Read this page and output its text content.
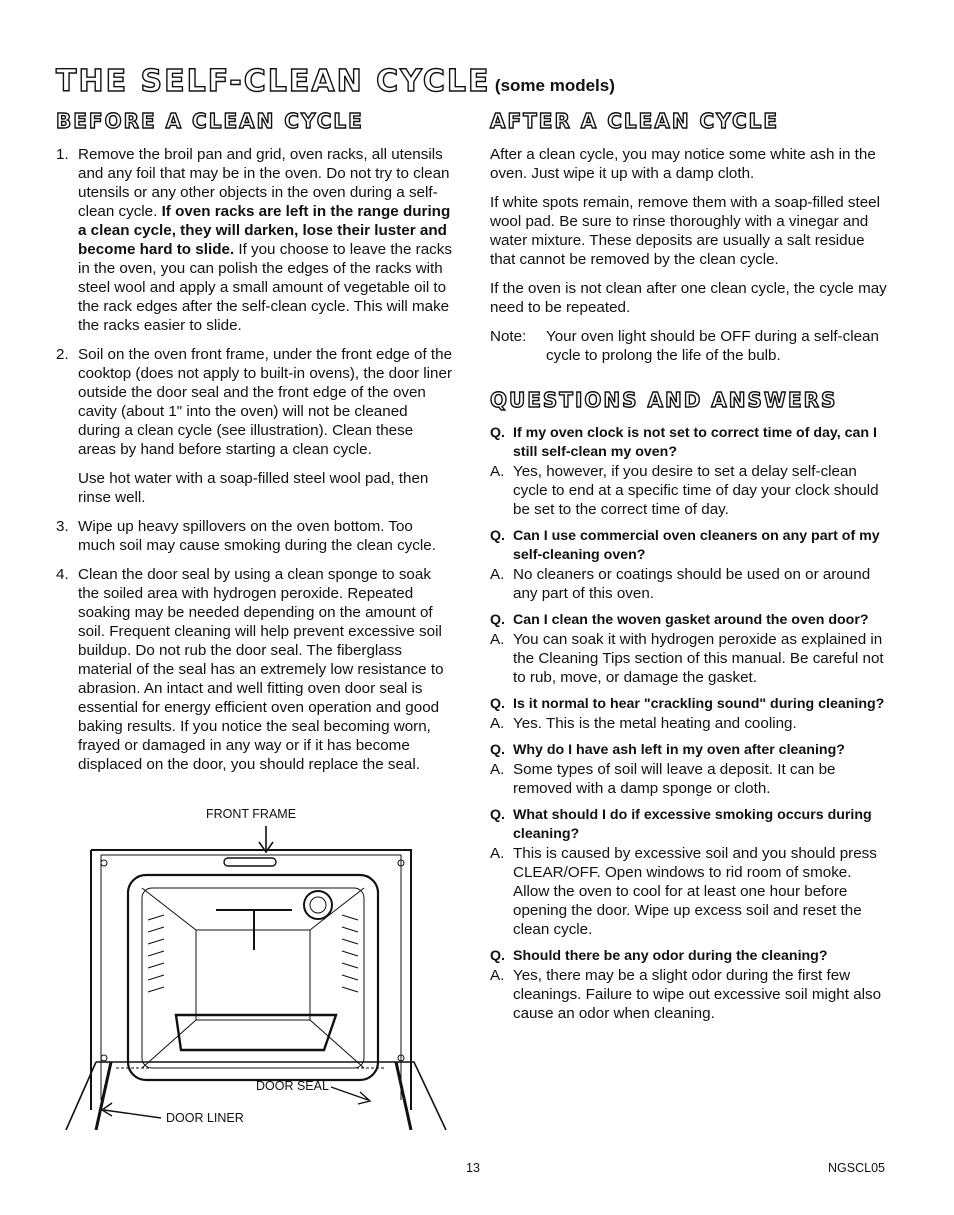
THE SELF-CLEAN CYCLE (some models)
BEFORE A CLEAN CYCLE
1. Remove the broil pan and grid, oven racks, all utensils and any foil that may be in the oven. Do not try to clean utensils or any other objects in the oven during a self-clean cycle. If oven racks are left in the range during a clean cycle, they will darken, lose their luster and become hard to slide. If you choose to leave the racks in the oven, you can polish the edges of the racks with steel wool and apply a small amount of vegetable oil to the rack edges after the self-clean cycle. This will make the racks easier to slide.
2. Soil on the oven front frame, under the front edge of the cooktop (does not apply to built-in ovens), the door liner outside the door seal and the front edge of the oven cavity (about 1" into the oven) will not be cleaned during a clean cycle (see illustration). Clean these areas by hand before starting a clean cycle.

Use hot water with a soap-filled steel wool pad, then rinse well.

3. Wipe up heavy spillovers on the oven bottom. Too much soil may cause smoking during the clean cycle.
4. Clean the door seal by using a clean sponge to soak the soiled area with hydrogen peroxide. Repeated soaking may be needed depending on the amount of soil. Frequent cleaning will help prevent excessive soil buildup. Do not rub the door seal. The fiberglass material of the seal has an extremely low resistance to abrasion. An intact and well fitting oven door seal is essential for energy efficient oven operation and good baking results. If you notice the seal becoming worn, frayed or damaged in any way or if it has become displaced on the door, you should replace the seal.
FRONT FRAME
DOOR SEAL
DOOR LINER
AFTER A CLEAN CYCLE

After a clean cycle, you may notice some white ash in the oven. Just wipe it up with a damp cloth.

If white spots remain, remove them with a soap-filled steel wool pad. Be sure to rinse thoroughly with a vinegar and water mixture. These deposits are usually a salt residue that cannot be removed by the clean cycle.

If the oven is not clean after one clean cycle, the cycle may need to be repeated.

Note:	Your oven light should be OFF during a self-clean cycle to prolong the life of the bulb.
QUESTIONS AND ANSWERS
Q. If my oven clock is not set to correct time of day, can I still self-clean my oven?
A. Yes, however, if you desire to set a delay self-clean cycle to end at a specific time of day your clock should be set to the correct time of day.
Q. Can I use commercial oven cleaners on any part of my self-cleaning oven?
A. No cleaners or coatings should be used on or around any part of this oven.
Q. Can I clean the woven gasket around the oven door?
A. You can soak it with hydrogen peroxide as explained in the Cleaning Tips section of this manual. Be careful not to rub, move, or damage the gasket.
Q. Is it normal to hear "crackling sound" during cleaning?
A. Yes. This is the metal heating and cooling.
Q. Why do I have ash left in my oven after cleaning?
A. Some types of soil will leave a deposit. It can be removed with a damp sponge or cloth.
Q. What should I do if excessive smoking occurs during cleaning?
A. This is caused by excessive soil and you should press CLEAR/OFF. Open windows to rid room of smoke. Allow the oven to cool for at least one hour before opening the door. Wipe up excess soil and reset the clean cycle.
Q. Should there be any odor during the cleaning?
A. Yes, there may be a slight odor during the first few cleanings. Failure to wipe out excessive soil might also cause an odor when cleaning.
13	NGSCL05
